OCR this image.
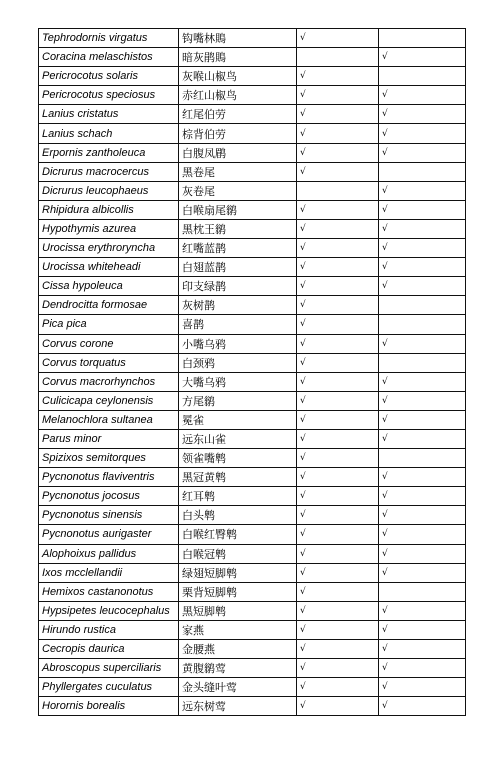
Tephrodornis virgatus	钩嘴林鵙	√	
Coracina melaschistos	暗灰鹃鵙		√
Pericrocotus solaris	灰喉山椒鸟	√	
Pericrocotus speciosus	赤红山椒鸟	√	√
Lanius cristatus	红尾伯劳	√	√
Lanius schach	棕背伯劳	√	√
Erpornis zantholeuca	白腹凤鹛	√	√
Dicrurus macrocercus	黑卷尾	√	
Dicrurus leucophaeus	灰卷尾		√
Rhipidura albicollis	白喉扇尾鹟	√	√
Hypothymis azurea	黑枕王鹟	√	√
Urocissa erythroryncha	红嘴蓝鹊	√	√
Urocissa whiteheadi	白翅蓝鹊	√	√
Cissa hypoleuca	印支绿鹊	√	√
Dendrocitta formosae	灰树鹊	√	
Pica pica	喜鹊	√	
Corvus corone	小嘴乌鸦	√	√
Corvus torquatus	白颈鸦	√	
Corvus macrorhynchos	大嘴乌鸦	√	√
Culicicapa ceylonensis	方尾鹟	√	√
Melanochlora sultanea	冕雀	√	√
Parus minor	远东山雀	√	√
Spizixos semitorques	领雀嘴鹎	√	
Pycnonotus flaviventris	黑冠黄鹎	√	√
Pycnonotus jocosus	红耳鹎	√	√
Pycnonotus sinensis	白头鹎	√	√
Pycnonotus aurigaster	白喉红臀鹎	√	√
Alophoixus pallidus	白喉冠鹎	√	√
Ixos mcclellandii	绿翅短脚鹎	√	√
Hemixos castanonotus	栗背短脚鹎	√	
Hypsipetes leucocephalus	黑短脚鹎	√	√
Hirundo rustica	家燕	√	√
Cecropis daurica	金腰燕	√	√
Abroscopus superciliaris	黄腹鹟莺	√	√
Phyllergates cuculatus	金头缝叶莺	√	√
Horornis borealis	远东树莺	√	√
